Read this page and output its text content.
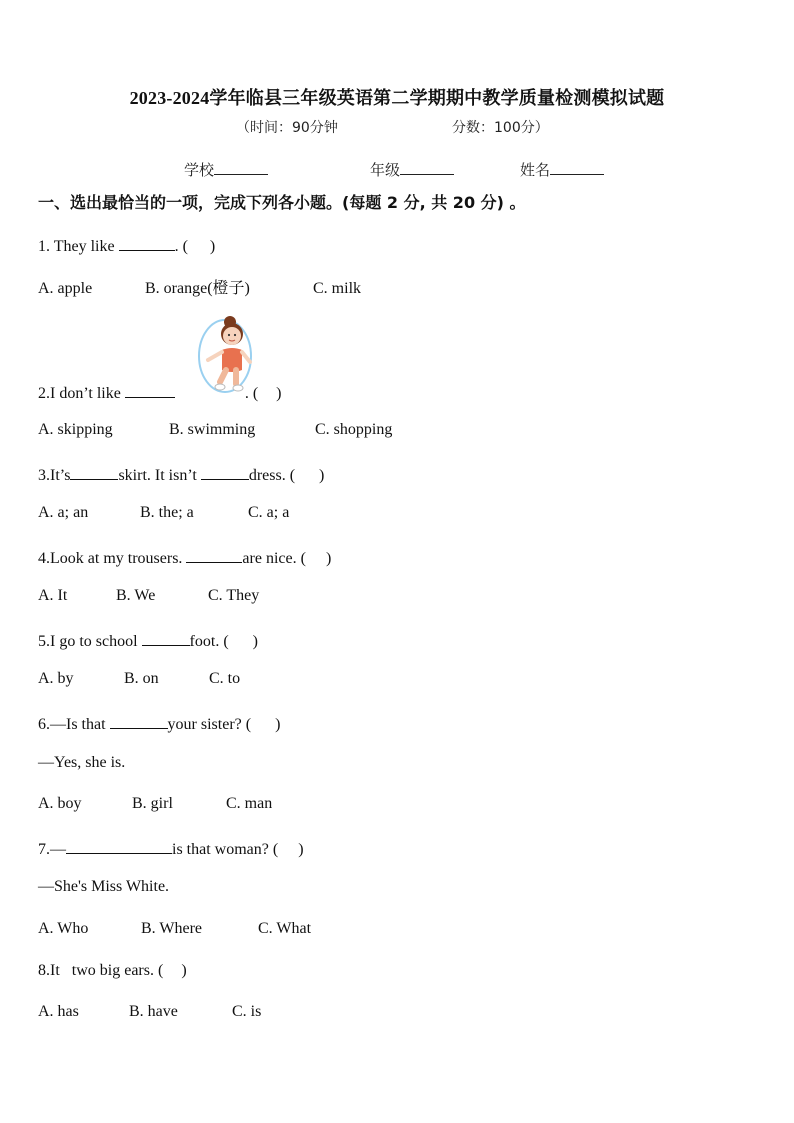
2023-2024学年临县三年级英语第二学期期中教学质量检测模拟试题
（时间：90分钟	分数：100分）
学校	年级	姓名
一、选出最恰当的一项，完成下列各小题。(每题 2 分, 共 20 分) 。
1. They like	. ( )
A. apple	B. orange(橙子)	C. milk
2.I don’t like	. ( )
A. skipping	B. swimming	C. shopping
3.It’s	skirt. It isn’t	dress. ( )
A. a; an	B. the; a	C. a; a
4.Look at my trousers.	are nice. ( )
A. It	B. We	C. They
5.I go to school	foot. ( )
A. by	B. on	C. to
6.—Is that	your sister? ( )
—Yes, she is.
A. boy	B. girl	C. man
7.—	is that woman? ( )
—She's Miss White.
A. Who	B. Where	C. What
8.It   two big ears. ( )
A. has	B. have	C. is
